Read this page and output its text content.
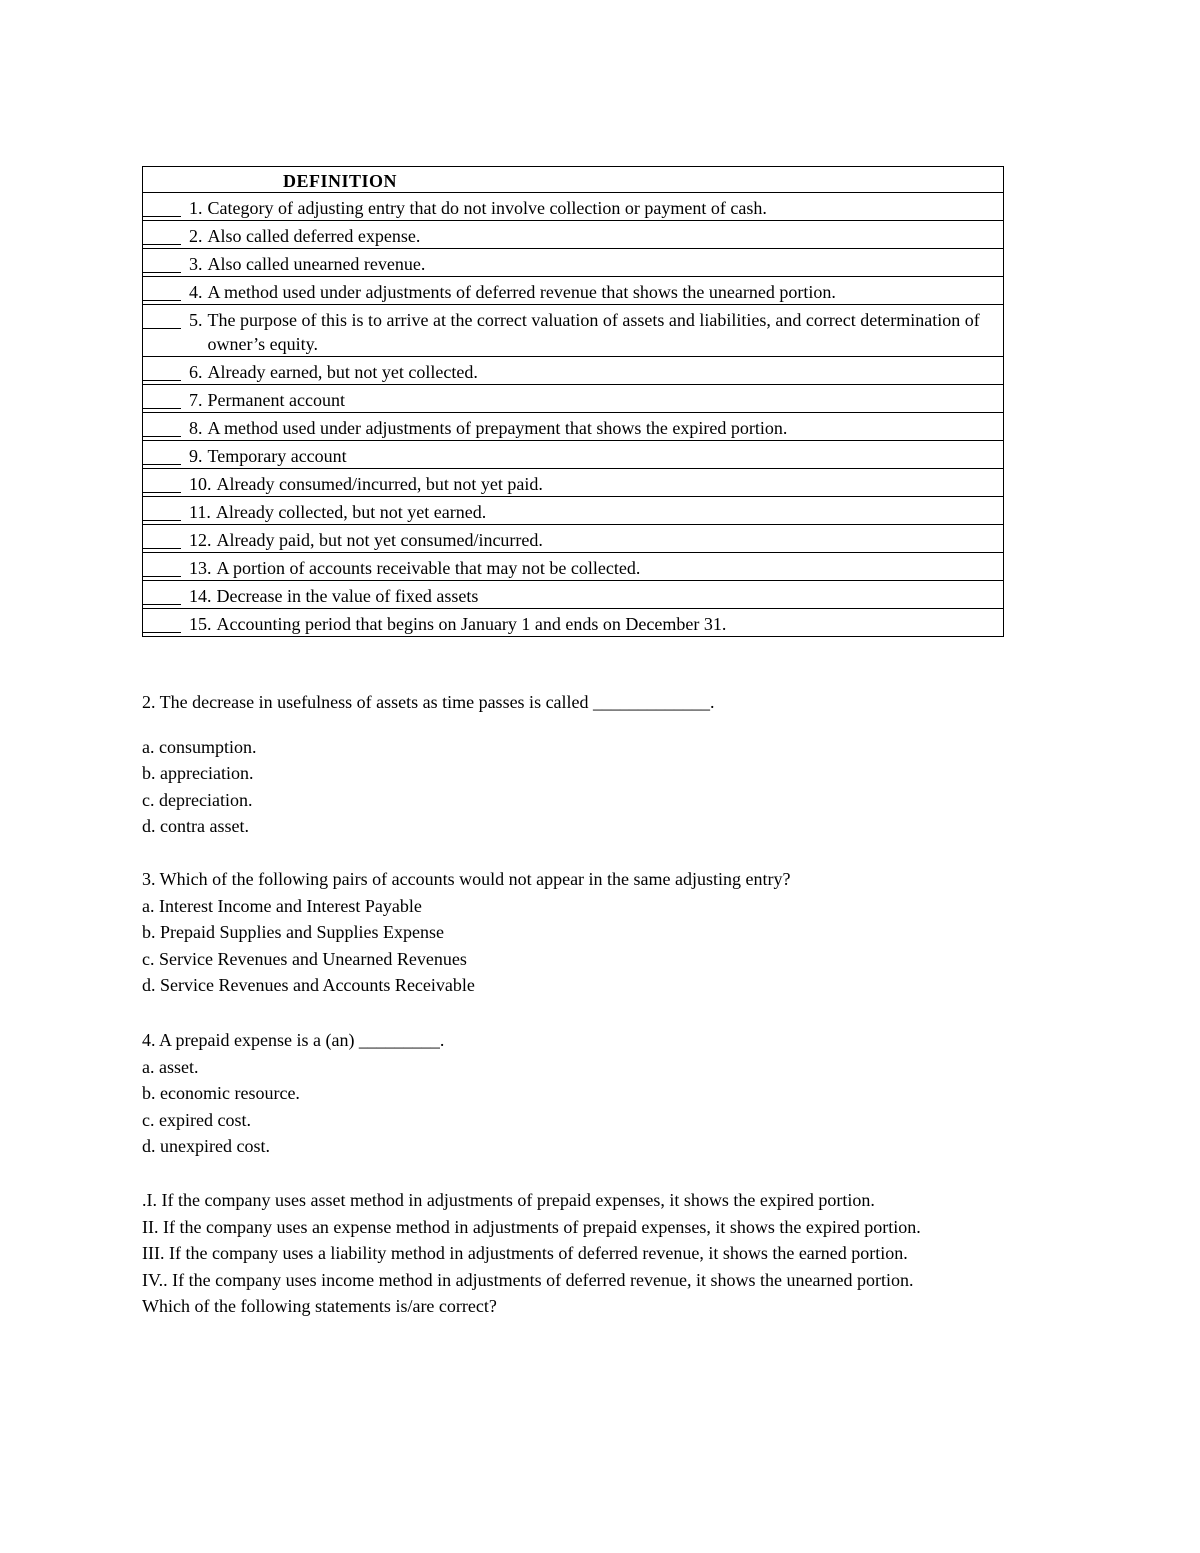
DEFINITION
1. Category of adjusting entry that do not involve collection or payment of cash.
2. Also called deferred expense.
3. Also called unearned revenue.
4. A method used under adjustments of deferred revenue that shows the unearned portion.
5. The purpose of this is to arrive at the correct valuation of assets and liabilities, and correct determination of owner’s equity.
6. Already earned, but not yet collected.
7. Permanent account
8. A method used under adjustments of prepayment that shows the expired portion.
9. Temporary account
10. Already consumed/incurred, but not yet paid.
11. Already collected, but not yet earned.
12. Already paid, but not yet consumed/incurred.
13. A portion of accounts receivable that may not be collected.
14. Decrease in the value of fixed assets
15. Accounting period that begins on January 1 and ends on December 31.

2. The decrease in usefulness of assets as time passes is called _____________.

a. consumption.

b. appreciation.

c. depreciation.

d. contra asset.

3. Which of the following pairs of accounts would not appear in the same adjusting entry?

a. Interest Income and Interest Payable

b. Prepaid Supplies and Supplies Expense

c. Service Revenues and Unearned Revenues

d. Service Revenues and Accounts Receivable

4. A prepaid expense is a (an) _________.

a. asset.

b. economic resource.

c. expired cost.

d. unexpired cost.

.I. If the company uses asset method in adjustments of prepaid expenses, it shows the expired portion.

II. If the company uses an expense method in adjustments of prepaid expenses, it shows the expired portion.

III. If the company uses a liability method in adjustments of deferred revenue, it shows the earned portion.

IV.. If the company uses income method in adjustments of deferred revenue, it shows the unearned portion.

Which of the following statements is/are correct?
